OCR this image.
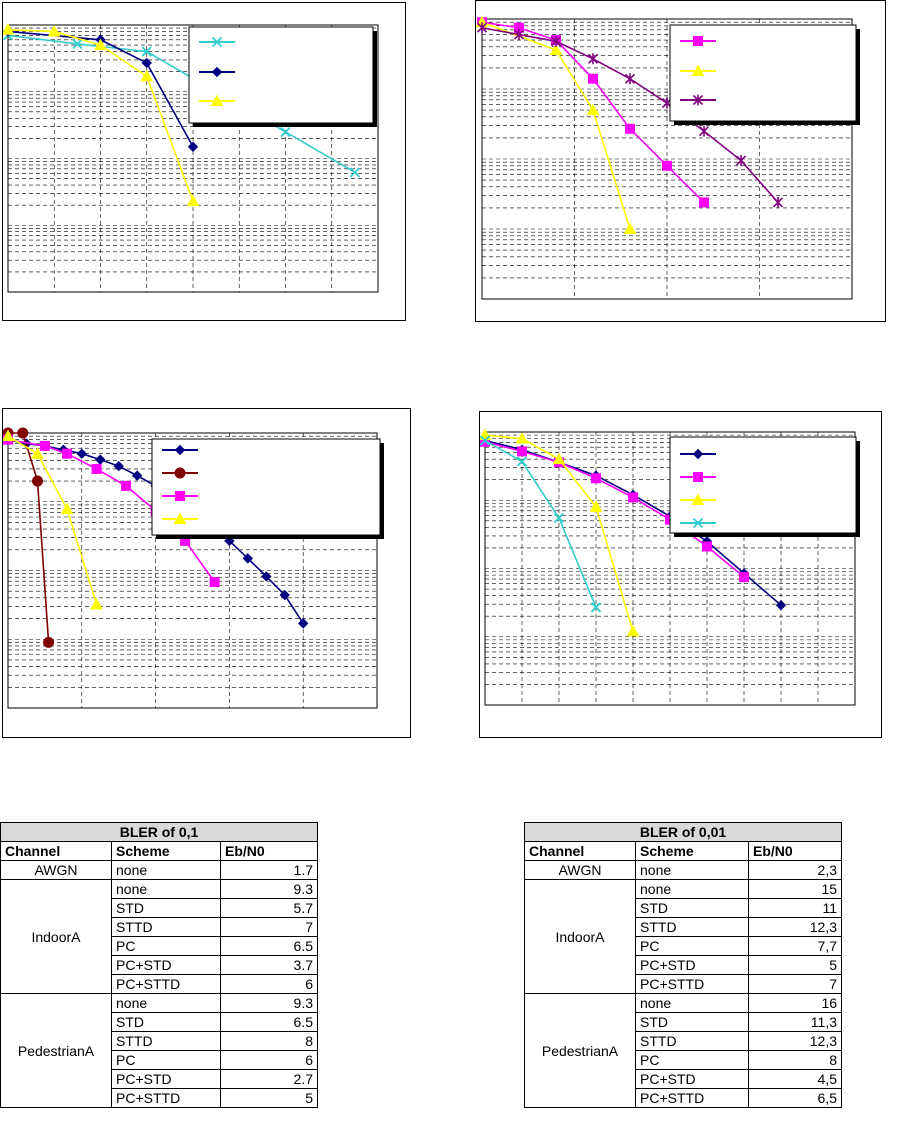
BLER of 0,1		
Channel	Scheme	Eb/N0
AWGN	none	1.7
IndoorA	none	9.3
	STD	5.7
	STTD	7
	PC	6.5
	PC+STD	3.7
	PC+STTD	6
PedestrianA	none	9.3
	STD	6.5
	STTD	8
	PC	6
	PC+STD	2.7
	PC+STTD	5
BLER of 0,01		
Channel	Scheme	Eb/N0
AWGN	none	2,3
IndoorA	none	15
	STD	11
	STTD	12,3
	PC	7,7
	PC+STD	5
	PC+STTD	7
PedestrianA	none	16
	STD	11,3
	STTD	12,3
	PC	8
	PC+STD	4,5
	PC+STTD	6,5
